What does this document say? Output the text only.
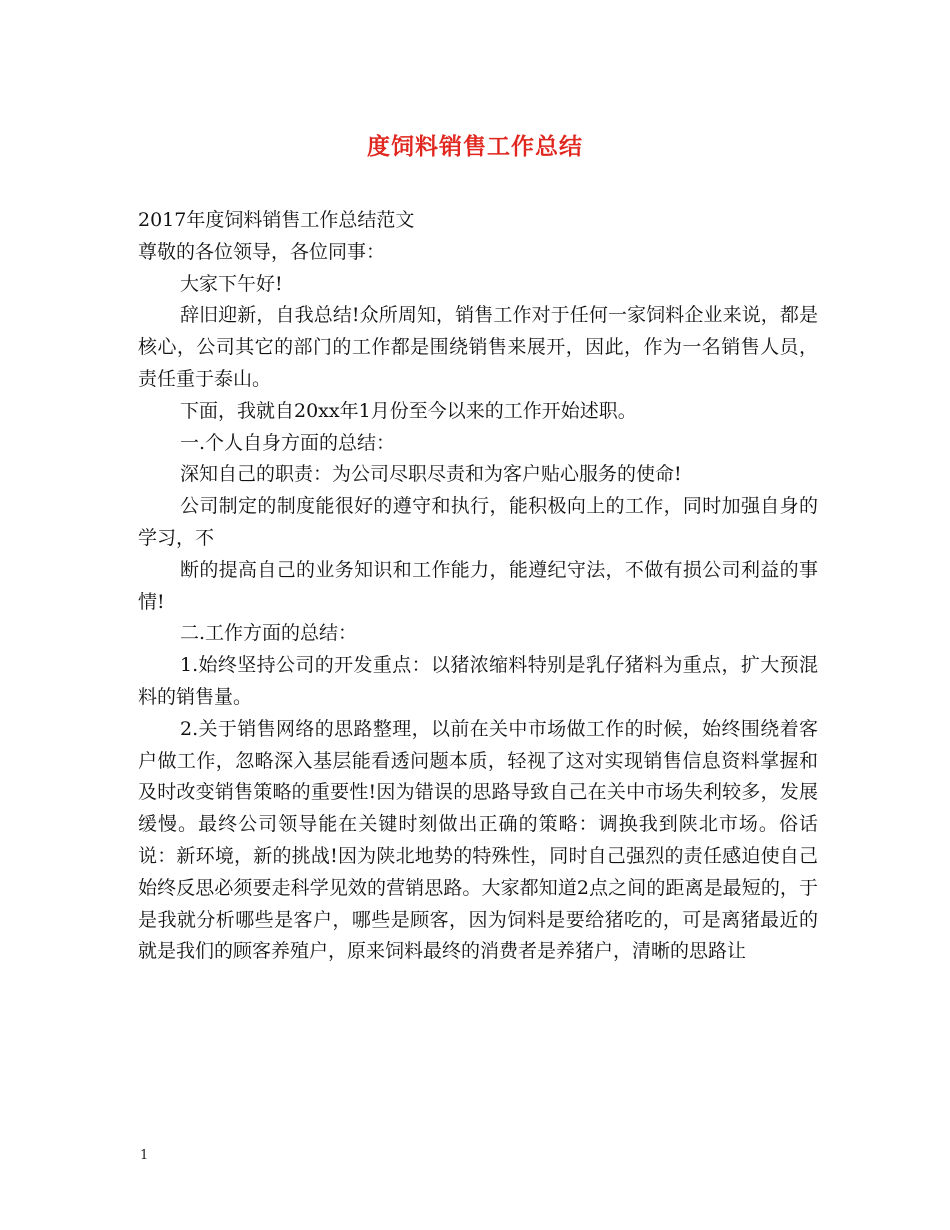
度饲料销售工作总结

2017年度饲料销售工作总结范文

尊敬的各位领导，各位同事：

大家下午好!

辞旧迎新，自我总结!众所周知，销售工作对于任何一家饲料企业来说，都是核心，公司其它的部门的工作都是围绕销售来展开，因此，作为一名销售人员，责任重于泰山。

下面，我就自20xx年1月份至今以来的工作开始述职。

一.个人自身方面的总结：

深知自己的职责：为公司尽职尽责和为客户贴心服务的使命!

公司制定的制度能很好的遵守和执行，能积极向上的工作，同时加强自身的学习，不

断的提高自己的业务知识和工作能力，能遵纪守法，不做有损公司利益的事情!

二.工作方面的总结：

1.始终坚持公司的开发重点：以猪浓缩料特别是乳仔猪料为重点，扩大预混料的销售量。

2.关于销售网络的思路整理，以前在关中市场做工作的时候，始终围绕着客户做工作，忽略深入基层能看透问题本质，轻视了这对实现销售信息资料掌握和及时改变销售策略的重要性!因为错误的思路导致自己在关中市场失利较多，发展缓慢。最终公司领导能在关键时刻做出正确的策略：调换我到陕北市场。俗话说：新环境，新的挑战!因为陕北地势的特殊性，同时自己强烈的责任感迫使自己始终反思必须要走科学见效的营销思路。大家都知道2点之间的距离是最短的，于是我就分析哪些是客户，哪些是顾客，因为饲料是要给猪吃的，可是离猪最近的就是我们的顾客养殖户，原来饲料最终的消费者是养猪户，清晰的思路让

1
